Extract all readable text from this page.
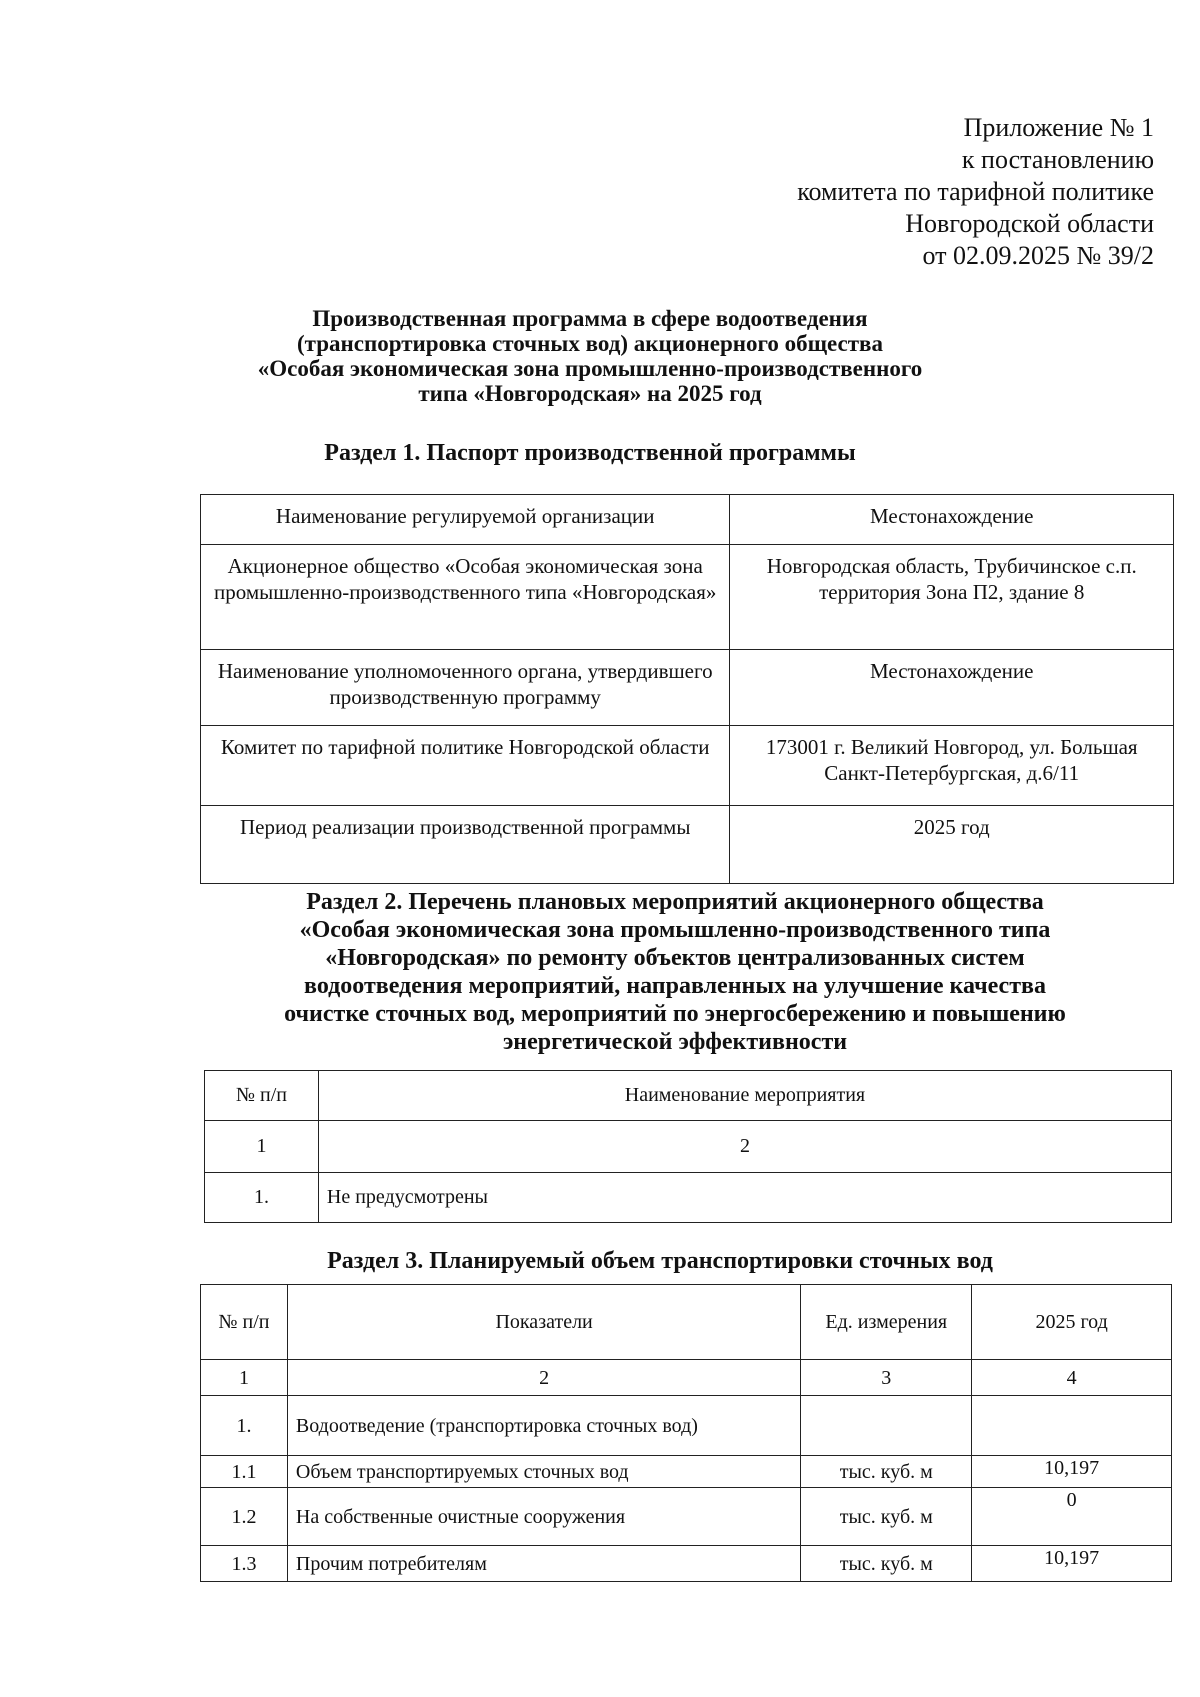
Приложение № 1
к постановлению
комитета по тарифной политике
Новгородской области
от 02.09.2025 № 39/2
Производственная программа в сфере водоотведения
(транспортировка сточных вод) акционерного общества
«Особая экономическая зона промышленно-производственного
типа «Новгородская» на 2025 год
Раздел 1. Паспорт производственной программы
Наименование регулируемой организации	Местонахождение
Акционерное общество «Особая экономическая зона промышленно-производственного типа «Новгородская»	Новгородская область, Трубичинское с.п. территория Зона П2, здание 8
Наименование уполномоченного органа, утвердившего производственную программу	Местонахождение
Комитет по тарифной политике Новгородской области	173001 г. Великий Новгород, ул. Большая Санкт-Петербургская, д.6/11
Период реализации производственной программы	2025 год
Раздел 2. Перечень плановых мероприятий акционерного общества
«Особая экономическая зона промышленно-производственного типа
«Новгородская» по ремонту объектов централизованных систем
водоотведения мероприятий, направленных на улучшение качества
очистке сточных вод, мероприятий по энергосбережению и повышению
энергетической эффективности
№ п/п	Наименование мероприятия
1	2
1.	Не предусмотрены
Раздел 3. Планируемый объем транспортировки сточных вод
№ п/п	Показатели	Ед. измерения	2025 год
1	2	3	4
1.	Водоотведение (транспортировка сточных вод)		
1.1	Объем транспортируемых сточных вод	тыс. куб. м	10,197
1.2	На собственные очистные сооружения	тыс. куб. м	0
1.3	Прочим потребителям	тыс. куб. м	10,197
